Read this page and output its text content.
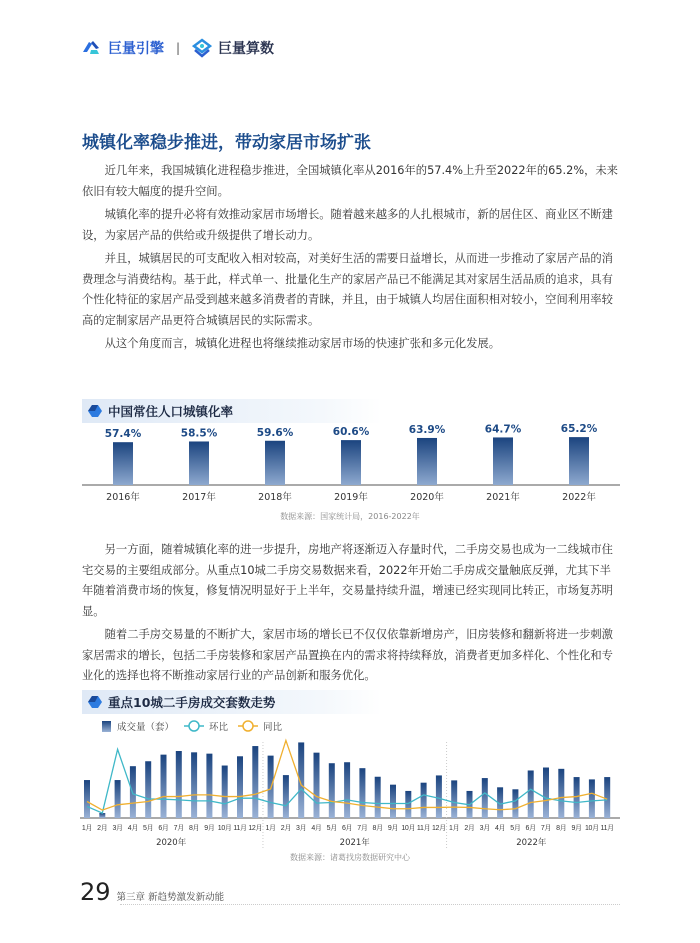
巨量引擎 |	巨量算数
城镇化率稳步推进，带动家居市场扩张

近几年来，我国城镇化进程稳步推进，全国城镇化率从2016年的57.4%上升至2022年的65.2%，未来依旧有较大幅度的提升空间。

城镇化率的提升必将有效推动家居市场增长。随着越来越多的人扎根城市，新的居住区、商业区不断建设，为家居产品的供给或升级提供了增长动力。

并且，城镇居民的可支配收入相对较高，对美好生活的需要日益增长，从而进一步推动了家居产品的消费理念与消费结构。基于此，样式单一、批量化生产的家居产品已不能满足其对家居生活品质的追求，具有个性化特征的家居产品受到越来越多消费者的青睐，并且，由于城镇人均居住面积相对较小，空间利用率较高的定制家居产品更符合城镇居民的实际需求。

从这个角度而言，城镇化进程也将继续推动家居市场的快速扩张和多元化发展。

中国常住人口城镇化率
57.4%
2016年
58.5%
2017年
59.6%
2018年
60.6%
2019年
63.9%
2020年
64.7%
2021年
65.2%
2022年
数据来源：国家统计局，2016-2022年

另一方面，随着城镇化率的进一步提升，房地产将逐渐迈入存量时代，二手房交易也成为一二线城市住宅交易的主要组成部分。从重点10城二手房交易数据来看，2022年开始二手房成交量触底反弹，尤其下半年随着消费市场的恢复，修复情况明显好于上半年，交易量持续升温，增速已经实现同比转正，市场复苏明显。

随着二手房交易量的不断扩大，家居市场的增长已不仅仅依靠新增房产，旧房装修和翻新将进一步刺激家居需求的增长，包括二手房装修和家居产品置换在内的需求将持续释放，消费者更加多样化、个性化和专业化的选择也将不断推动家居行业的产品创新和服务优化。

重点10城二手房成交套数走势
成交量（套）	环比	同比
1月 2月 3月 4月 5月 6月 7月 8月 9月 10月 11月 12月 1月 2月 3月 4月 5月 6月 7月 8月 9月 10月 11月 12月 1月 2月 3月 4月 5月 6月 7月 8月 9月 10月 11月
2020年	2021年	2022年
数据来源：诸葛找房数据研究中心
29 第三章 新趋势激发新动能
